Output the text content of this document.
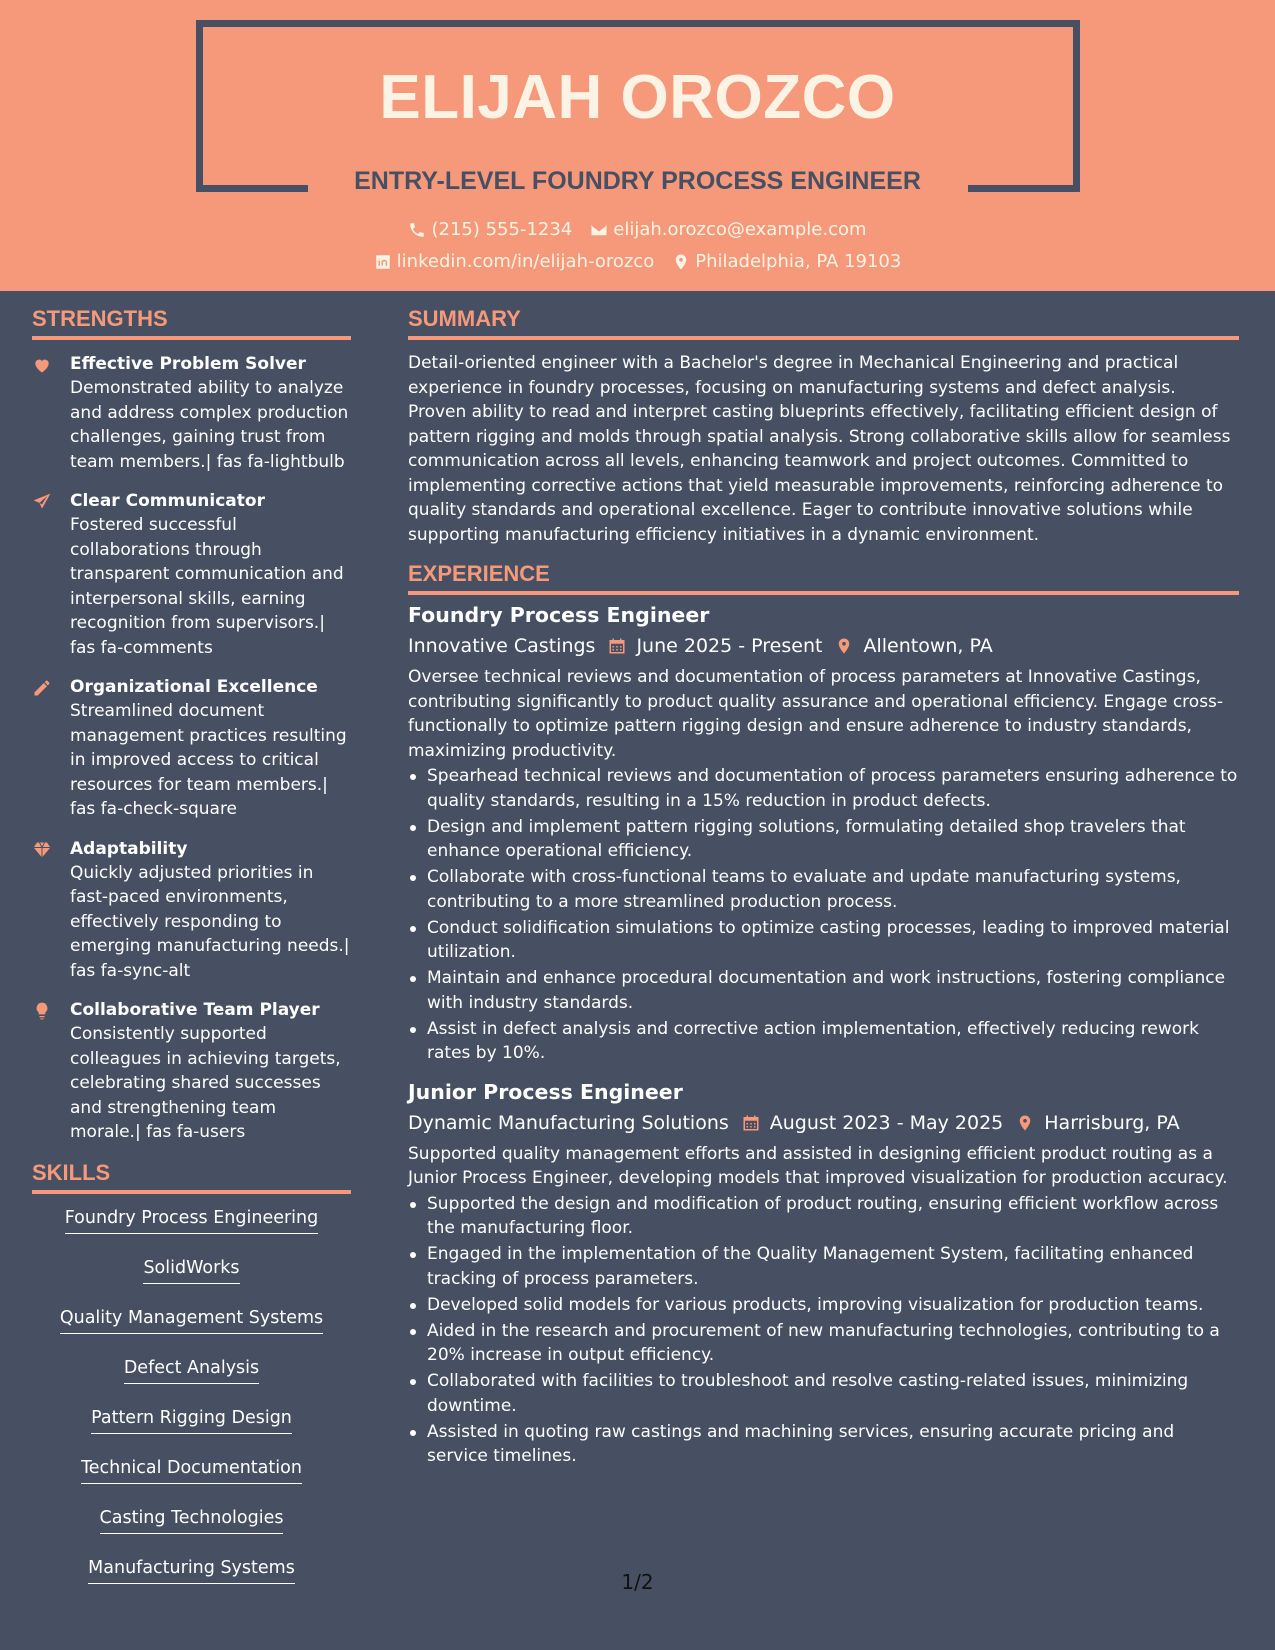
ELIJAH OROZCO
ENTRY-LEVEL FOUNDRY PROCESS ENGINEER
(215) 555-1234 elijah.orozco@example.com
linkedin.com/in/elijah-orozco Philadelphia, PA 19103
STRENGTHS
Effective Problem Solver
Demonstrated ability to analyze and address complex production challenges, gaining trust from team members.| fas fa-lightbulb
Clear Communicator
Fostered successful collaborations through transparent communication and interpersonal skills, earning recognition from supervisors.| fas fa-comments
Organizational Excellence
Streamlined document management practices resulting in improved access to critical resources for team members.| fas fa-check-square
Adaptability
Quickly adjusted priorities in fast-paced environments, effectively responding to emerging manufacturing needs.| fas fa-sync-alt
Collaborative Team Player
Consistently supported colleagues in achieving targets, celebrating shared successes and strengthening team morale.| fas fa-users
SKILLS
Foundry Process Engineering
SolidWorks
Quality Management Systems
Defect Analysis
Pattern Rigging Design
Technical Documentation
Casting Technologies
Manufacturing Systems
SUMMARY
Detail-oriented engineer with a Bachelor's degree in Mechanical Engineering and practical experience in foundry processes, focusing on manufacturing systems and defect analysis. Proven ability to read and interpret casting blueprints effectively, facilitating efficient design of pattern rigging and molds through spatial analysis. Strong collaborative skills allow for seamless communication across all levels, enhancing teamwork and project outcomes. Committed to implementing corrective actions that yield measurable improvements, reinforcing adherence to quality standards and operational excellence. Eager to contribute innovative solutions while supporting manufacturing efficiency initiatives in a dynamic environment.
EXPERIENCE
Foundry Process Engineer
Innovative Castings June 2025 - Present Allentown, PA
Oversee technical reviews and documentation of process parameters at Innovative Castings, contributing significantly to product quality assurance and operational efficiency. Engage cross-functionally to optimize pattern rigging design and ensure adherence to industry standards, maximizing productivity.
Spearhead technical reviews and documentation of process parameters ensuring adherence to quality standards, resulting in a 15% reduction in product defects.
Design and implement pattern rigging solutions, formulating detailed shop travelers that enhance operational efficiency.
Collaborate with cross-functional teams to evaluate and update manufacturing systems, contributing to a more streamlined production process.
Conduct solidification simulations to optimize casting processes, leading to improved material utilization.
Maintain and enhance procedural documentation and work instructions, fostering compliance with industry standards.
Assist in defect analysis and corrective action implementation, effectively reducing rework rates by 10%.
Junior Process Engineer
Dynamic Manufacturing Solutions August 2023 - May 2025 Harrisburg, PA
Supported quality management efforts and assisted in designing efficient product routing as a Junior Process Engineer, developing models that improved visualization for production accuracy.
Supported the design and modification of product routing, ensuring efficient workflow across the manufacturing floor.
Engaged in the implementation of the Quality Management System, facilitating enhanced tracking of process parameters.
Developed solid models for various products, improving visualization for production teams.
Aided in the research and procurement of new manufacturing technologies, contributing to a 20% increase in output efficiency.
Collaborated with facilities to troubleshoot and resolve casting-related issues, minimizing downtime.
Assisted in quoting raw castings and machining services, ensuring accurate pricing and service timelines.
1/2
